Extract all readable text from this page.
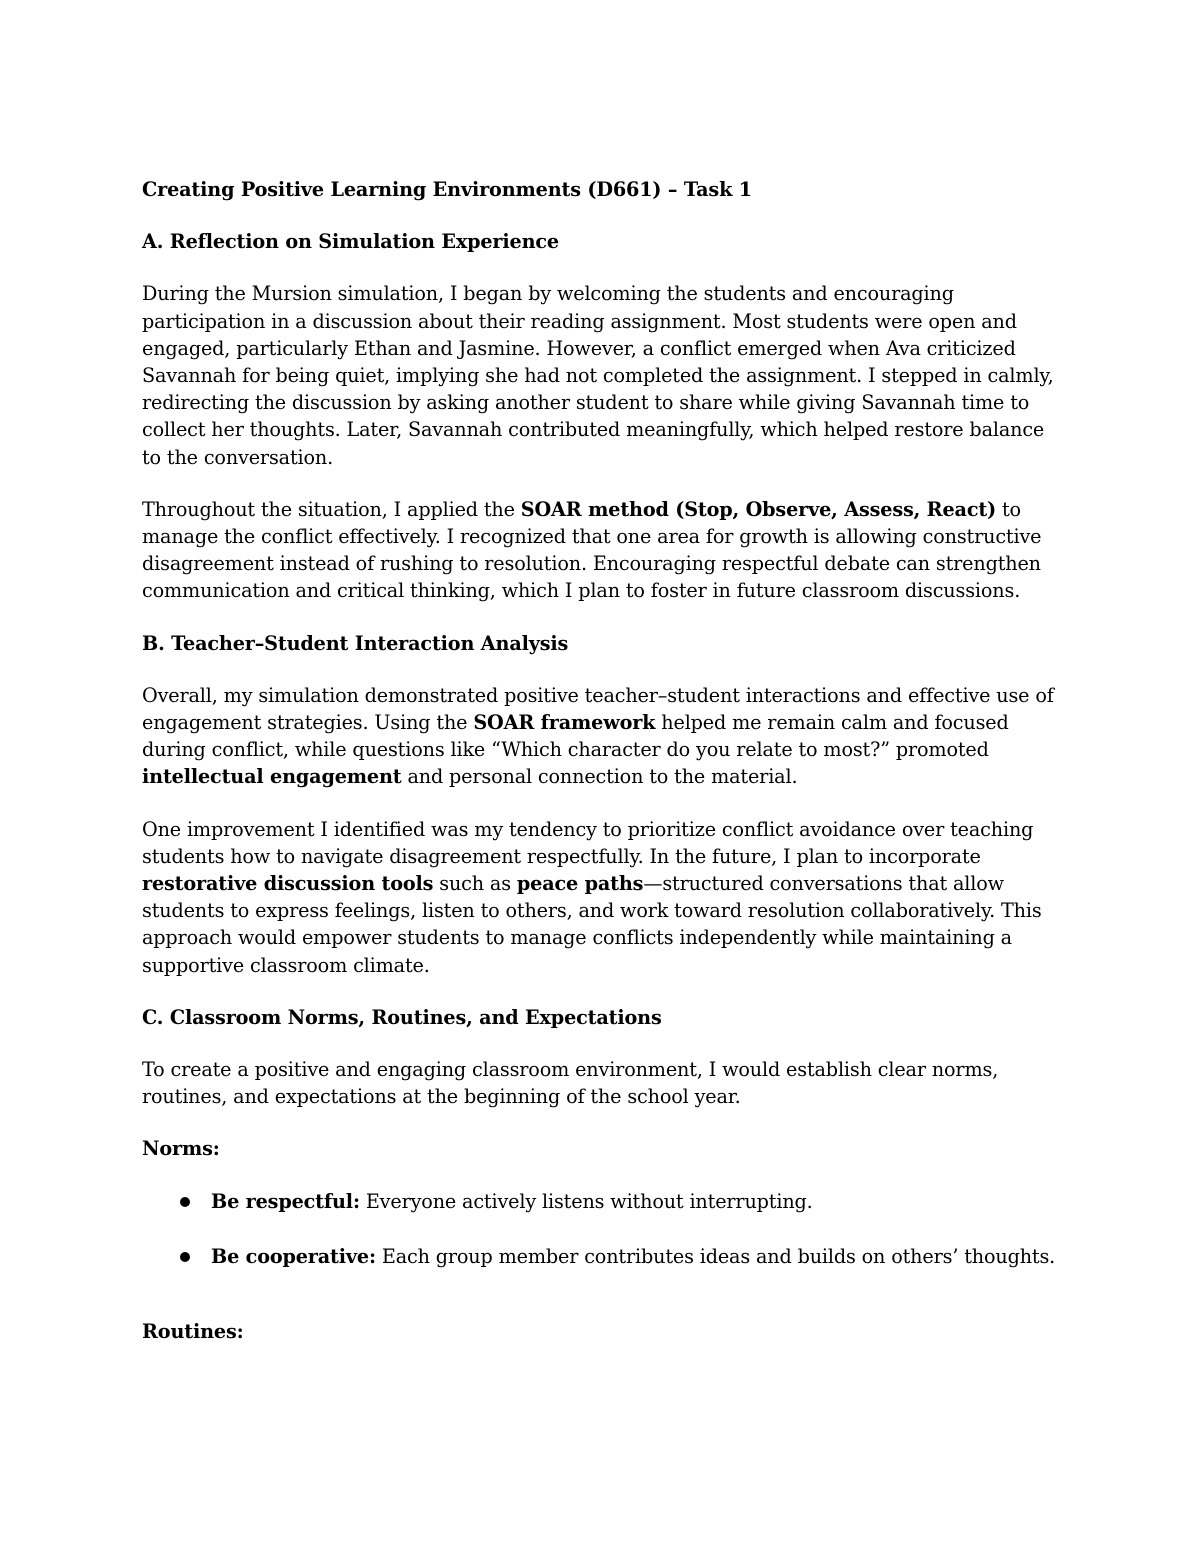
Creating Positive Learning Environments (D661) – Task 1
A. Reflection on Simulation Experience
During the Mursion simulation, I began by welcoming the students and encouraging participation in a discussion about their reading assignment. Most students were open and engaged, particularly Ethan and Jasmine. However, a conflict emerged when Ava criticized Savannah for being quiet, implying she had not completed the assignment. I stepped in calmly, redirecting the discussion by asking another student to share while giving Savannah time to collect her thoughts. Later, Savannah contributed meaningfully, which helped restore balance to the conversation.
Throughout the situation, I applied the SOAR method (Stop, Observe, Assess, React) to manage the conflict effectively. I recognized that one area for growth is allowing constructive disagreement instead of rushing to resolution. Encouraging respectful debate can strengthen communication and critical thinking, which I plan to foster in future classroom discussions.
B. Teacher–Student Interaction Analysis
Overall, my simulation demonstrated positive teacher–student interactions and effective use of engagement strategies. Using the SOAR framework helped me remain calm and focused during conflict, while questions like “Which character do you relate to most?” promoted intellectual engagement and personal connection to the material.
One improvement I identified was my tendency to prioritize conflict avoidance over teaching students how to navigate disagreement respectfully. In the future, I plan to incorporate restorative discussion tools such as peace paths—structured conversations that allow students to express feelings, listen to others, and work toward resolution collaboratively. This approach would empower students to manage conflicts independently while maintaining a supportive classroom climate.
C. Classroom Norms, Routines, and Expectations
To create a positive and engaging classroom environment, I would establish clear norms, routines, and expectations at the beginning of the school year.
Norms:
Be respectful: Everyone actively listens without interrupting.
Be cooperative: Each group member contributes ideas and builds on others’ thoughts.
Routines:
